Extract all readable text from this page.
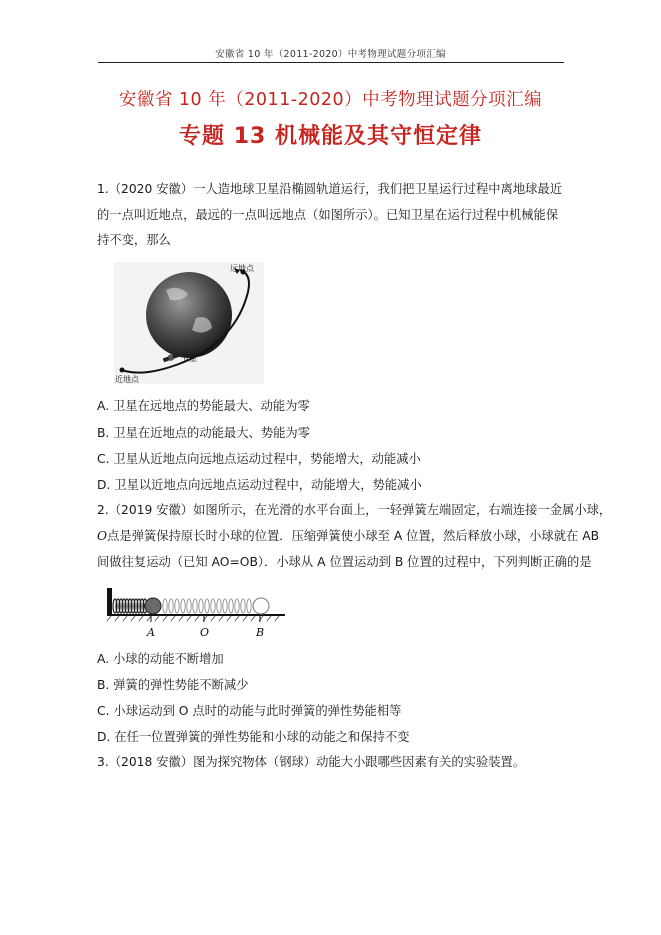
安徽省 10 年（2011-2020）中考物理试题分项汇编
安徽省 10 年（2011-2020）中考物理试题分项汇编
专题 13 机械能及其守恒定律
1.（2020 安徽）一人造地球卫星沿椭圆轨道运行，我们把卫星运行过程中离地球最近的一点叫近地点，最远的一点叫远地点（如图所示）。已知卫星在运行过程中机械能保持不变，那么
远地点
近地点
卫星
A. 卫星在远地点的势能最大、动能为零
B. 卫星在近地点的动能最大、势能为零
C. 卫星从近地点向远地点运动过程中，势能增大，动能减小
D. 卫星以近地点向远地点运动过程中，动能增大，势能减小
2.（2019 安徽）如图所示，在光滑的水平台面上，一轻弹簧左端固定，右端连接一金属小球，
O点是弹簧保持原长时小球的位置．压缩弹簧使小球至 A 位置，然后释放小球，小球就在 AB
间做往复运动（已知 AO=OB）．小球从 A 位置运动到 B 位置的过程中，下列判断正确的是
A	O	B
A. 小球的动能不断增加
B. 弹簧的弹性势能不断减少
C. 小球运动到 O 点时的动能与此时弹簧的弹性势能相等
D. 在任一位置弹簧的弹性势能和小球的动能之和保持不变
3.（2018 安徽）图为探究物体（钢球）动能大小跟哪些因素有关的实验装置。
